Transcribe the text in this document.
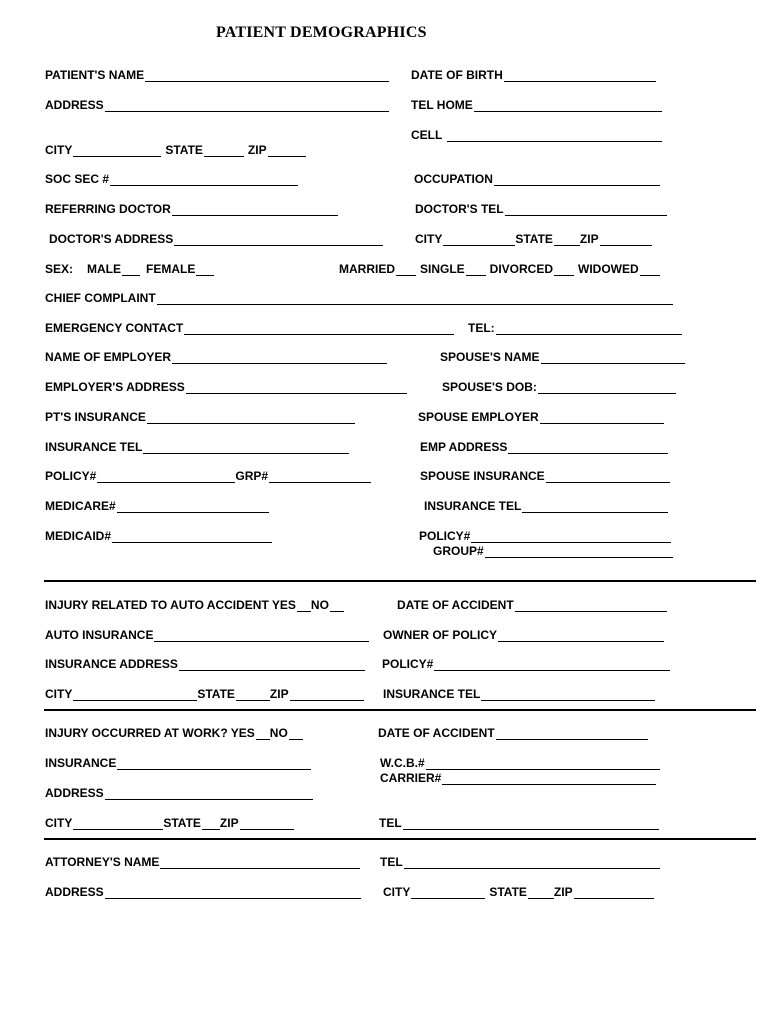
PATIENT DEMOGRAPHICS
PATIENT'S NAME	DATE OF BIRTH
ADDRESS	TEL HOME
CELL
CITY	STATE	ZIP
SOC SEC #	OCCUPATION
REFERRING DOCTOR	DOCTOR'S TEL
DOCTOR'S ADDRESS	CITY	STATE ZIP
SEX: MALE FEMALE	MARRIED SINGLE DIVORCED WIDOWED
CHIEF COMPLAINT
EMERGENCY CONTACT	TEL:
NAME OF EMPLOYER	SPOUSE'S NAME
EMPLOYER'S ADDRESS	SPOUSE'S DOB:
PT'S INSURANCE	SPOUSE EMPLOYER
INSURANCE TEL	EMP ADDRESS
POLICY#	GRP#	SPOUSE INSURANCE
MEDICARE#	INSURANCE TEL
MEDICAID#	POLICY#
GROUP#
INJURY RELATED TO AUTO ACCIDENT YES NO	DATE OF ACCIDENT
AUTO INSURANCE	OWNER OF POLICY
INSURANCE ADDRESS	POLICY#
CITY	STATE	ZIP	INSURANCE TEL
INJURY OCCURRED AT WORK? YES NO	DATE OF ACCIDENT
INSURANCE	W.C.B.#
CARRIER#
ADDRESS
CITY	STATE ZIP	TEL
ATTORNEY'S NAME	TEL
ADDRESS	CITY	STATE ZIP
